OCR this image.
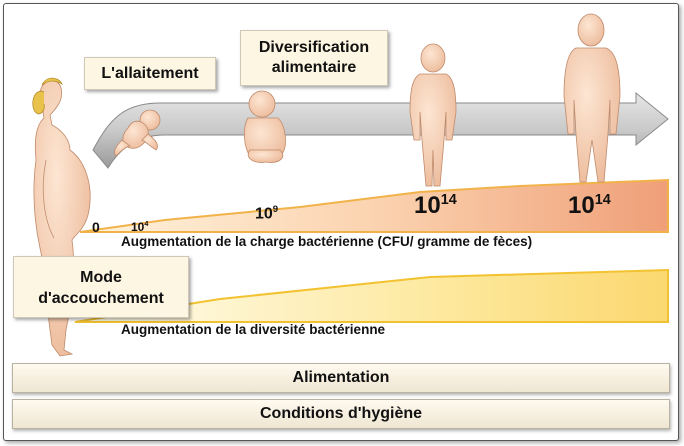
L'allaitement
Diversification alimentaire
Mode d'accouchement
0	$10^4$
$10^9$	$10^{14}$	$10^{14}$
Augmentation de la charge bactérienne (CFU/ gramme de fèces)
Augmentation de la diversité bactérienne
Alimentation
Conditions d'hygiène
